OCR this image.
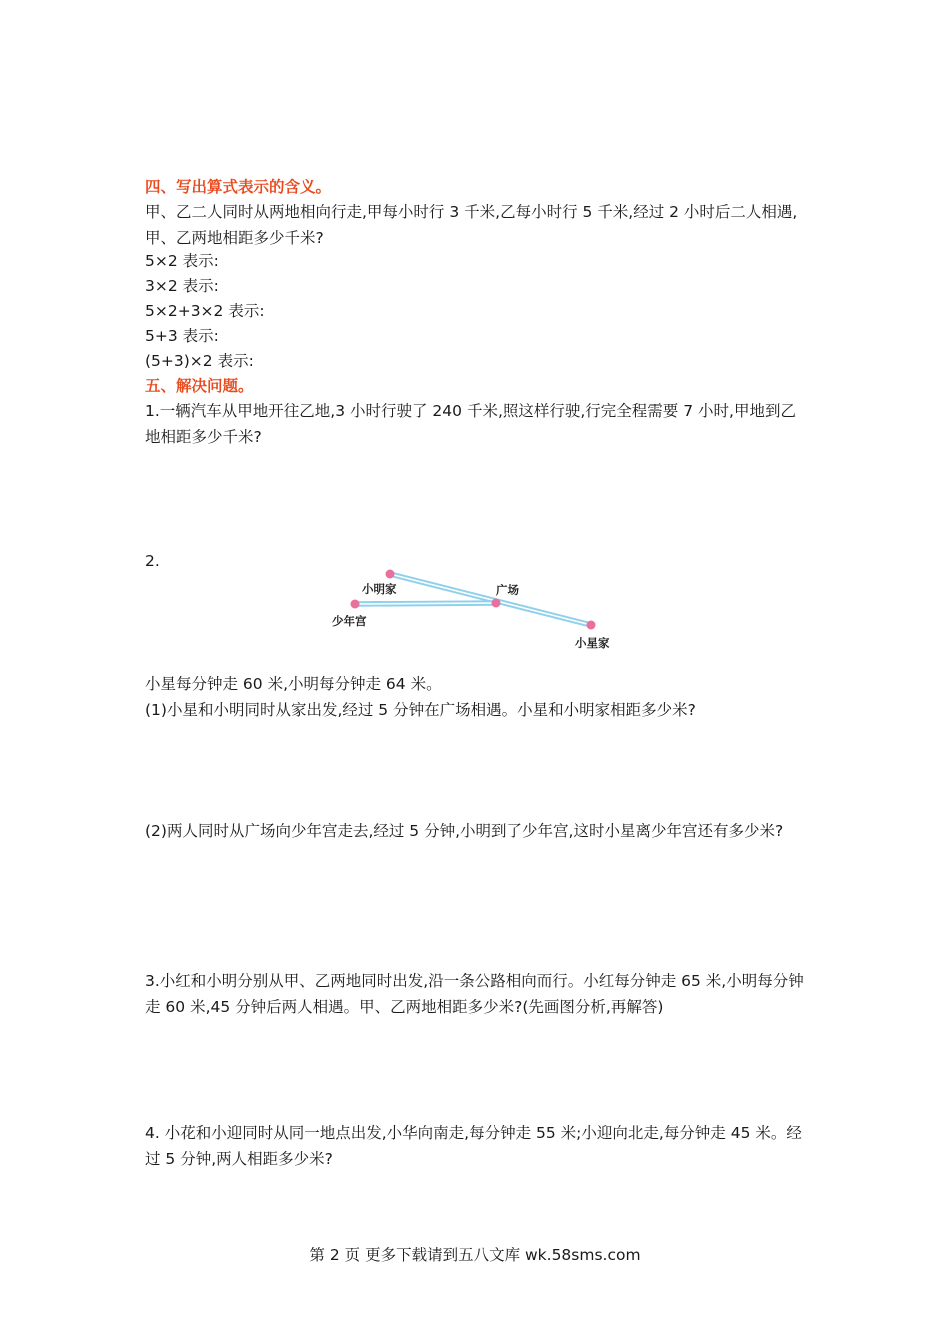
四、写出算式表示的含义。
甲、乙二人同时从两地相向行走,甲每小时行 3 千米,乙每小时行 5 千米,经过 2 小时后二人相遇,甲、乙两地相距多少千米?
5×2 表示:
3×2 表示:
5×2+3×2 表示:
5+3 表示:
(5+3)×2 表示:
五、解决问题。
1.一辆汽车从甲地开往乙地,3 小时行驶了 240 千米,照这样行驶,行完全程需要 7 小时,甲地到乙地相距多少千米?
2.
小明家	广场
少年宫
小星家
小星每分钟走 60 米,小明每分钟走 64 米。
(1)小星和小明同时从家出发,经过 5 分钟在广场相遇。小星和小明家相距多少米?
(2)两人同时从广场向少年宫走去,经过 5 分钟,小明到了少年宫,这时小星离少年宫还有多少米?
3.小红和小明分别从甲、乙两地同时出发,沿一条公路相向而行。小红每分钟走 65 米,小明每分钟走 60 米,45 分钟后两人相遇。甲、乙两地相距多少米?(先画图分析,再解答)
4. 小花和小迎同时从同一地点出发,小华向南走,每分钟走 55 米;小迎向北走,每分钟走 45 米。经过 5 分钟,两人相距多少米?
第 2 页 更多下载请到五八文库 wk.58sms.com
